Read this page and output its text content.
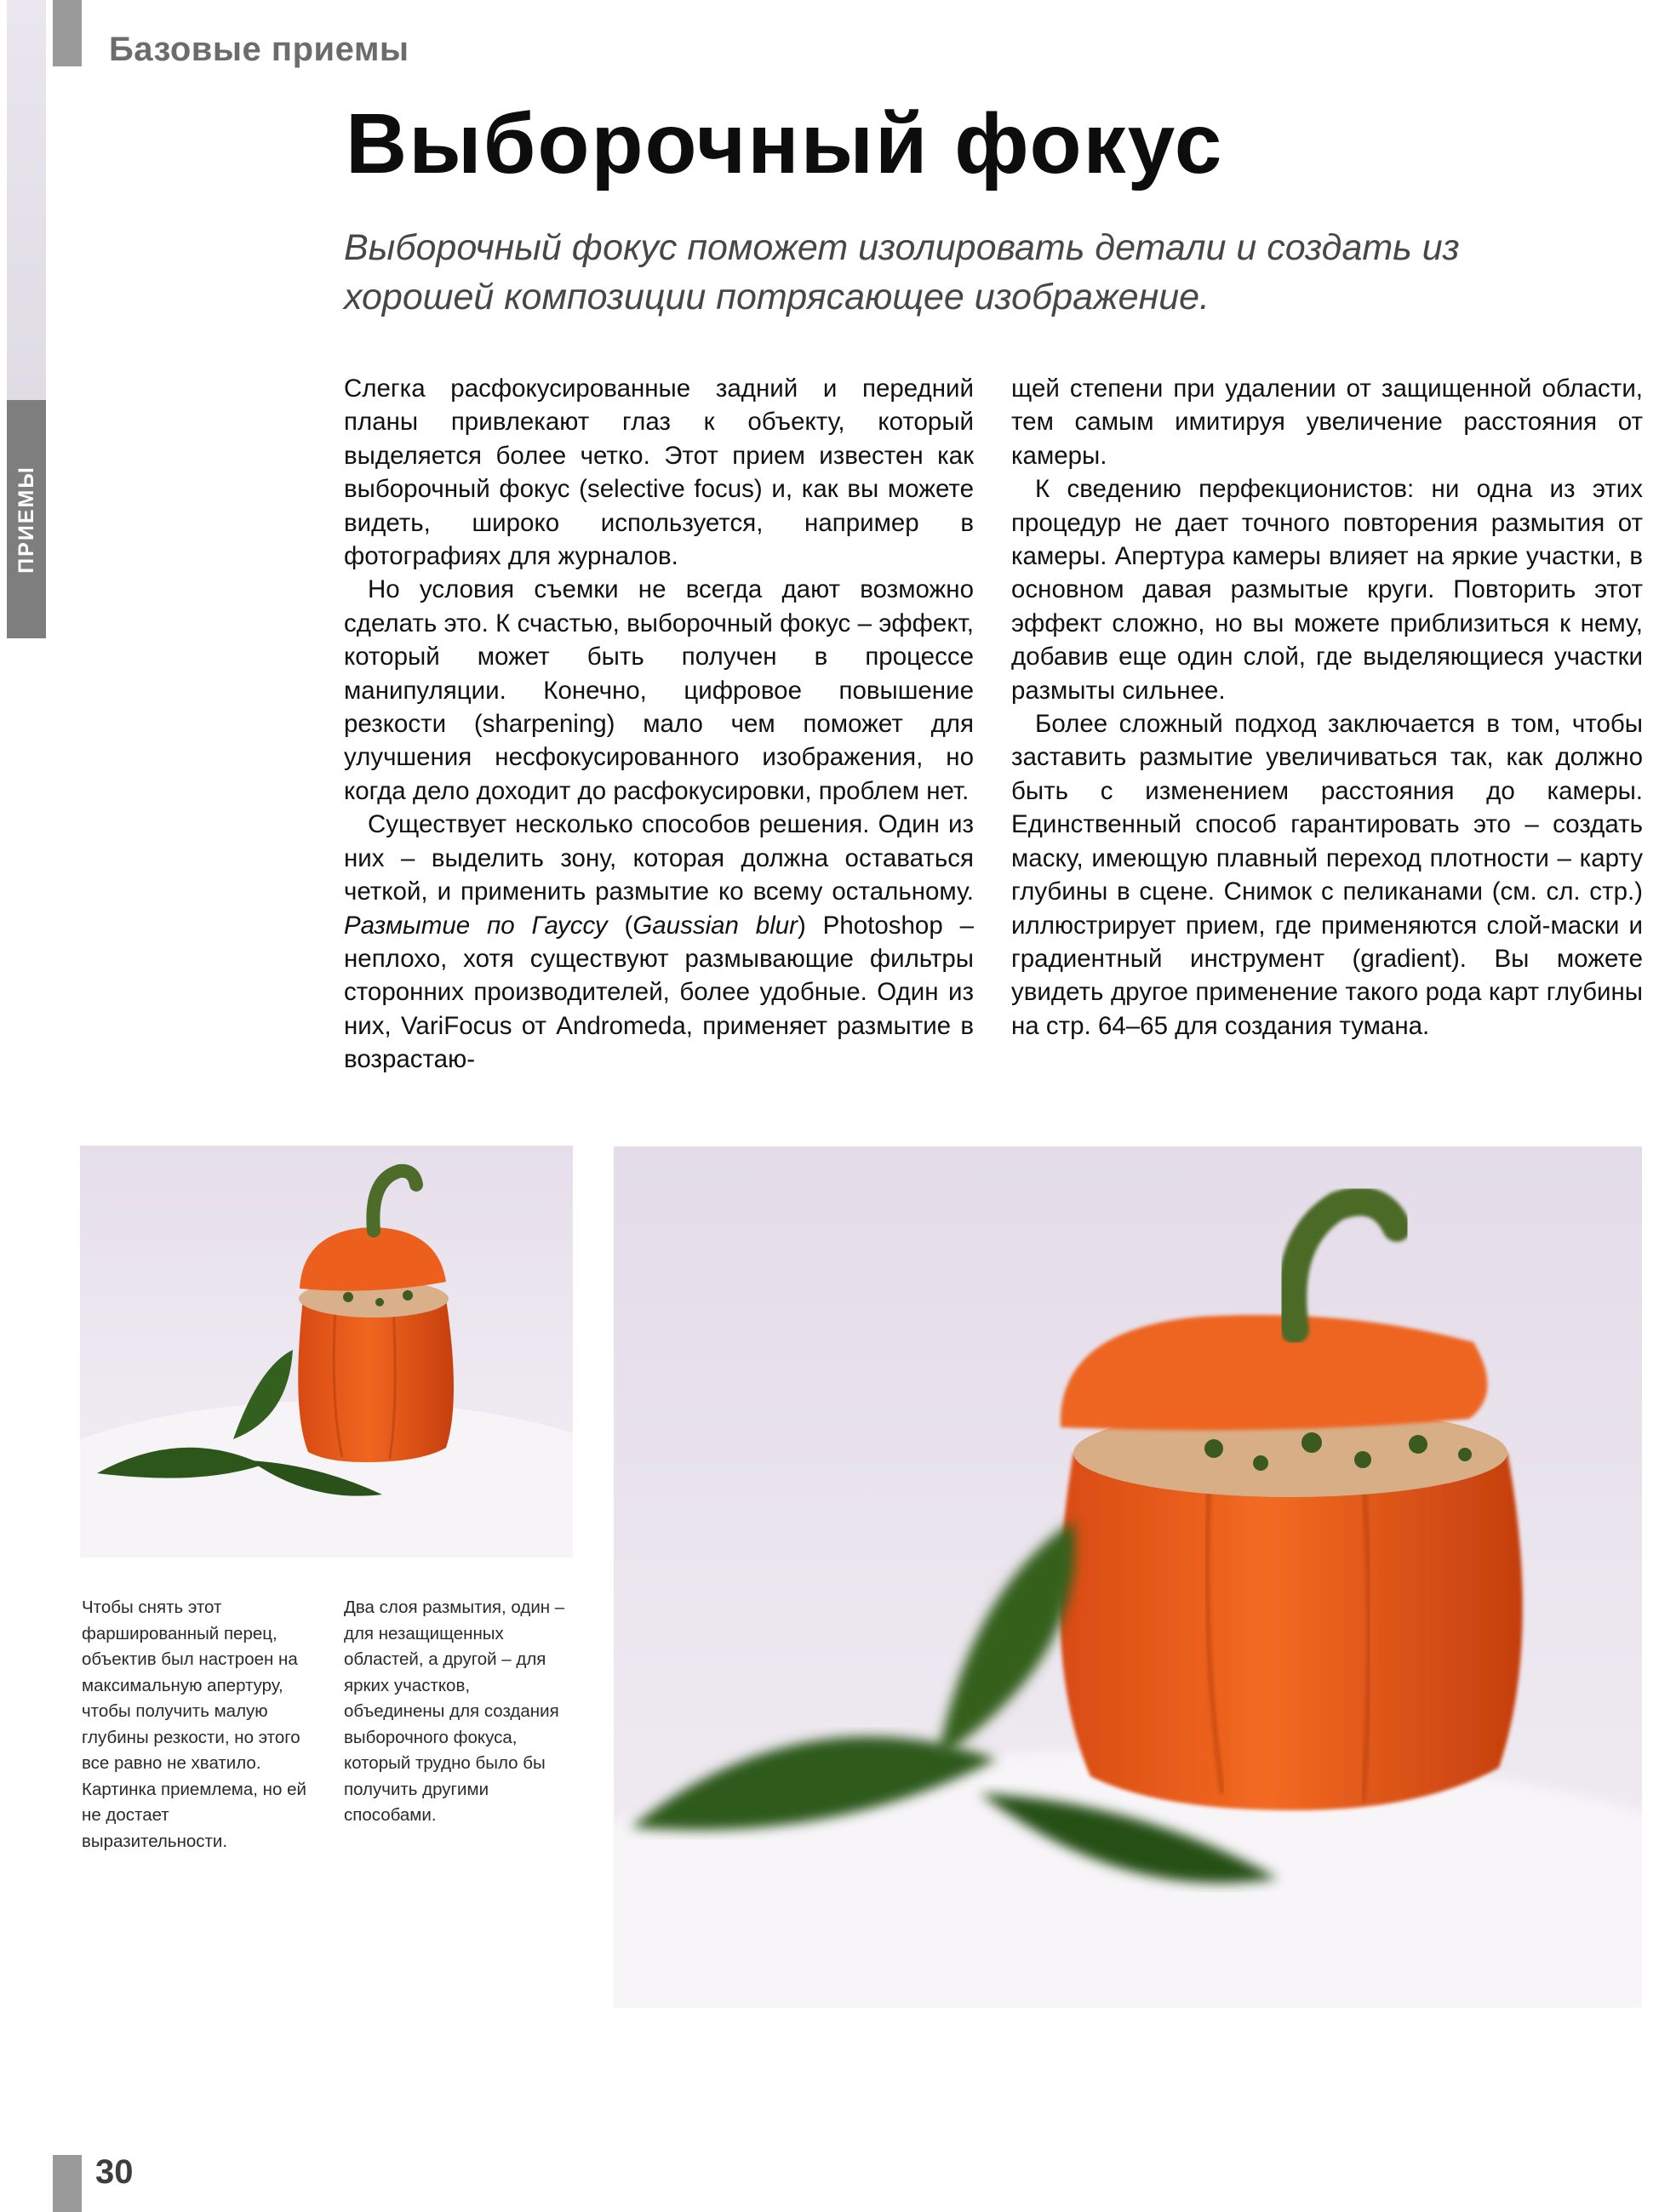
ПРИЕМЫ
Базовые приемы
Выборочный фокус
Выборочный фокус поможет изолировать детали и создать из хорошей композиции потрясающее изображение.

Слегка расфокусированные задний и передний планы привлекают глаз к объекту, который выделяется более четко. Этот прием известен как выборочный фокус (selective focus) и, как вы можете видеть, широко используется, например в фотографиях для журналов.

Но условия съемки не всегда дают возможно сделать это. К счастью, выборочный фокус – эффект, который может быть получен в процессе манипуляции. Конечно, цифровое повышение резкости (sharpening) мало чем поможет для улучшения несфокусированного изображения, но когда дело доходит до расфокусировки, проблем нет.

Существует несколько способов решения. Один из них – выделить зону, которая должна оставаться четкой, и применить размытие ко всему остальному. Размытие по Гауссу (Gaussian blur) Photoshop – неплохо, хотя существуют размывающие фильтры сторонних производителей, более удобные. Один из них, VariFocus от Andromeda, применяет размытие в возрастаю-

щей степени при удалении от защищенной области, тем самым имитируя увеличение расстояния от камеры.

К сведению перфекционистов: ни одна из этих процедур не дает точного повторения размытия от камеры. Апертура камеры влияет на яркие участки, в основном давая размытые круги. Повторить этот эффект сложно, но вы можете приблизиться к нему, добавив еще один слой, где выделяющиеся участки размыты сильнее.

Более сложный подход заключается в том, чтобы заставить размытие увеличиваться так, как должно быть с изменением расстояния до камеры. Единственный способ гарантировать это – создать маску, имеющую плавный переход плотности – карту глубины в сцене. Снимок с пеликанами (см. сл. стр.) иллюстрирует прием, где применяются слой-маски и градиентный инструмент (gradient). Вы можете увидеть другое применение такого рода карт глубины на стр. 64–65 для создания тумана.

Чтобы снять этот фаршированный перец, объектив был настроен на максимальную апертуру, чтобы получить малую глубины резкости, но этого все равно не хватило. Картинка приемлема, но ей не достает выразительности.
Два слоя размытия, один – для незащищенных областей, а другой – для ярких участков, объединены для создания выборочного фокуса, который трудно было бы получить другими способами.
30
